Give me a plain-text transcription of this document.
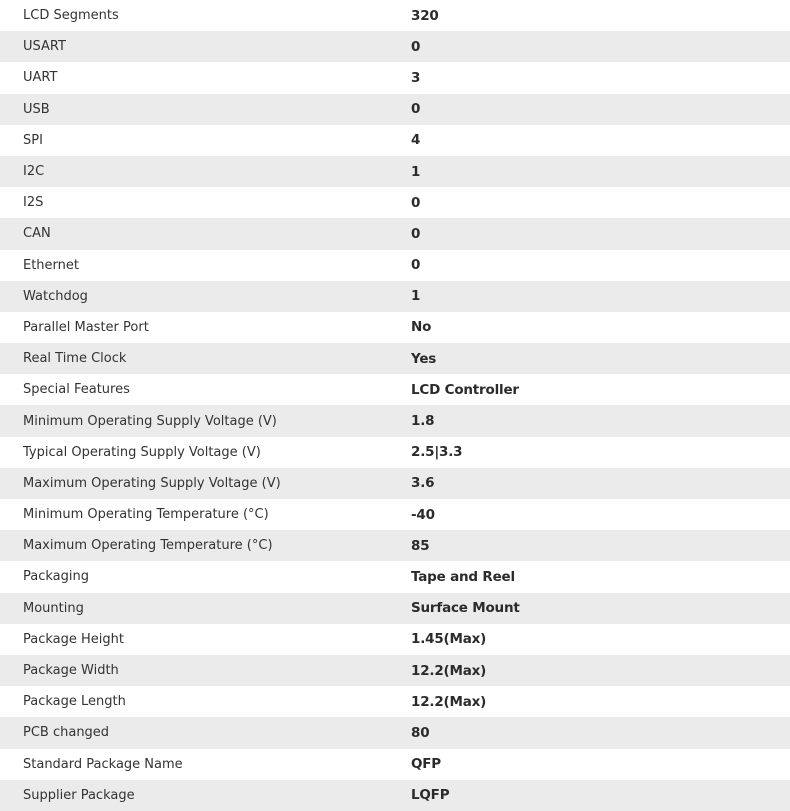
LCD Segments	320
USART	0
UART	3
USB	0
SPI	4
I2C	1
I2S	0
CAN	0
Ethernet	0
Watchdog	1
Parallel Master Port	No
Real Time Clock	Yes
Special Features	LCD Controller
Minimum Operating Supply Voltage (V)	1.8
Typical Operating Supply Voltage (V)	2.5|3.3
Maximum Operating Supply Voltage (V)	3.6
Minimum Operating Temperature (°C)	-40
Maximum Operating Temperature (°C)	85
Packaging	Tape and Reel
Mounting	Surface Mount
Package Height	1.45(Max)
Package Width	12.2(Max)
Package Length	12.2(Max)
PCB changed	80
Standard Package Name	QFP
Supplier Package	LQFP
